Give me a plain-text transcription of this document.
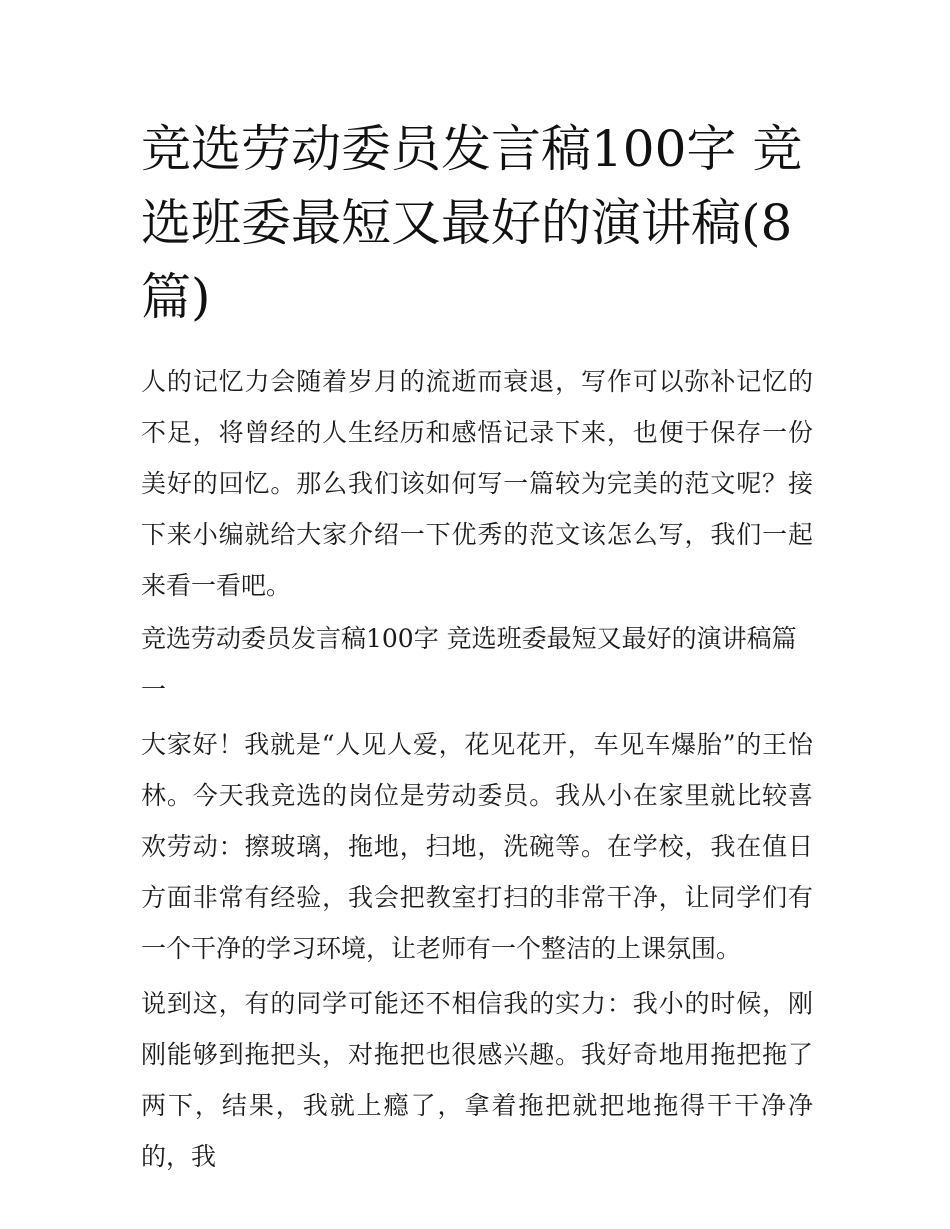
竞选劳动委员发言稿100字 竞选班委最短又最好的演讲稿(8篇)

人的记忆力会随着岁月的流逝而衰退，写作可以弥补记忆的不足，将曾经的人生经历和感悟记录下来，也便于保存一份美好的回忆。那么我们该如何写一篇较为完美的范文呢？接下来小编就给大家介绍一下优秀的范文该怎么写，我们一起来看一看吧。

竞选劳动委员发言稿100字 竞选班委最短又最好的演讲稿篇一

大家好！我就是“人见人爱，花见花开，车见车爆胎”的王怡林。今天我竞选的岗位是劳动委员。我从小在家里就比较喜欢劳动：擦玻璃，拖地，扫地，洗碗等。在学校，我在值日方面非常有经验，我会把教室打扫的非常干净，让同学们有一个干净的学习环境，让老师有一个整洁的上课氛围。

说到这，有的同学可能还不相信我的实力：我小的时候，刚刚能够到拖把头，对拖把也很感兴趣。我好奇地用拖把拖了两下，结果，我就上瘾了，拿着拖把就把地拖得干干净净的，我
